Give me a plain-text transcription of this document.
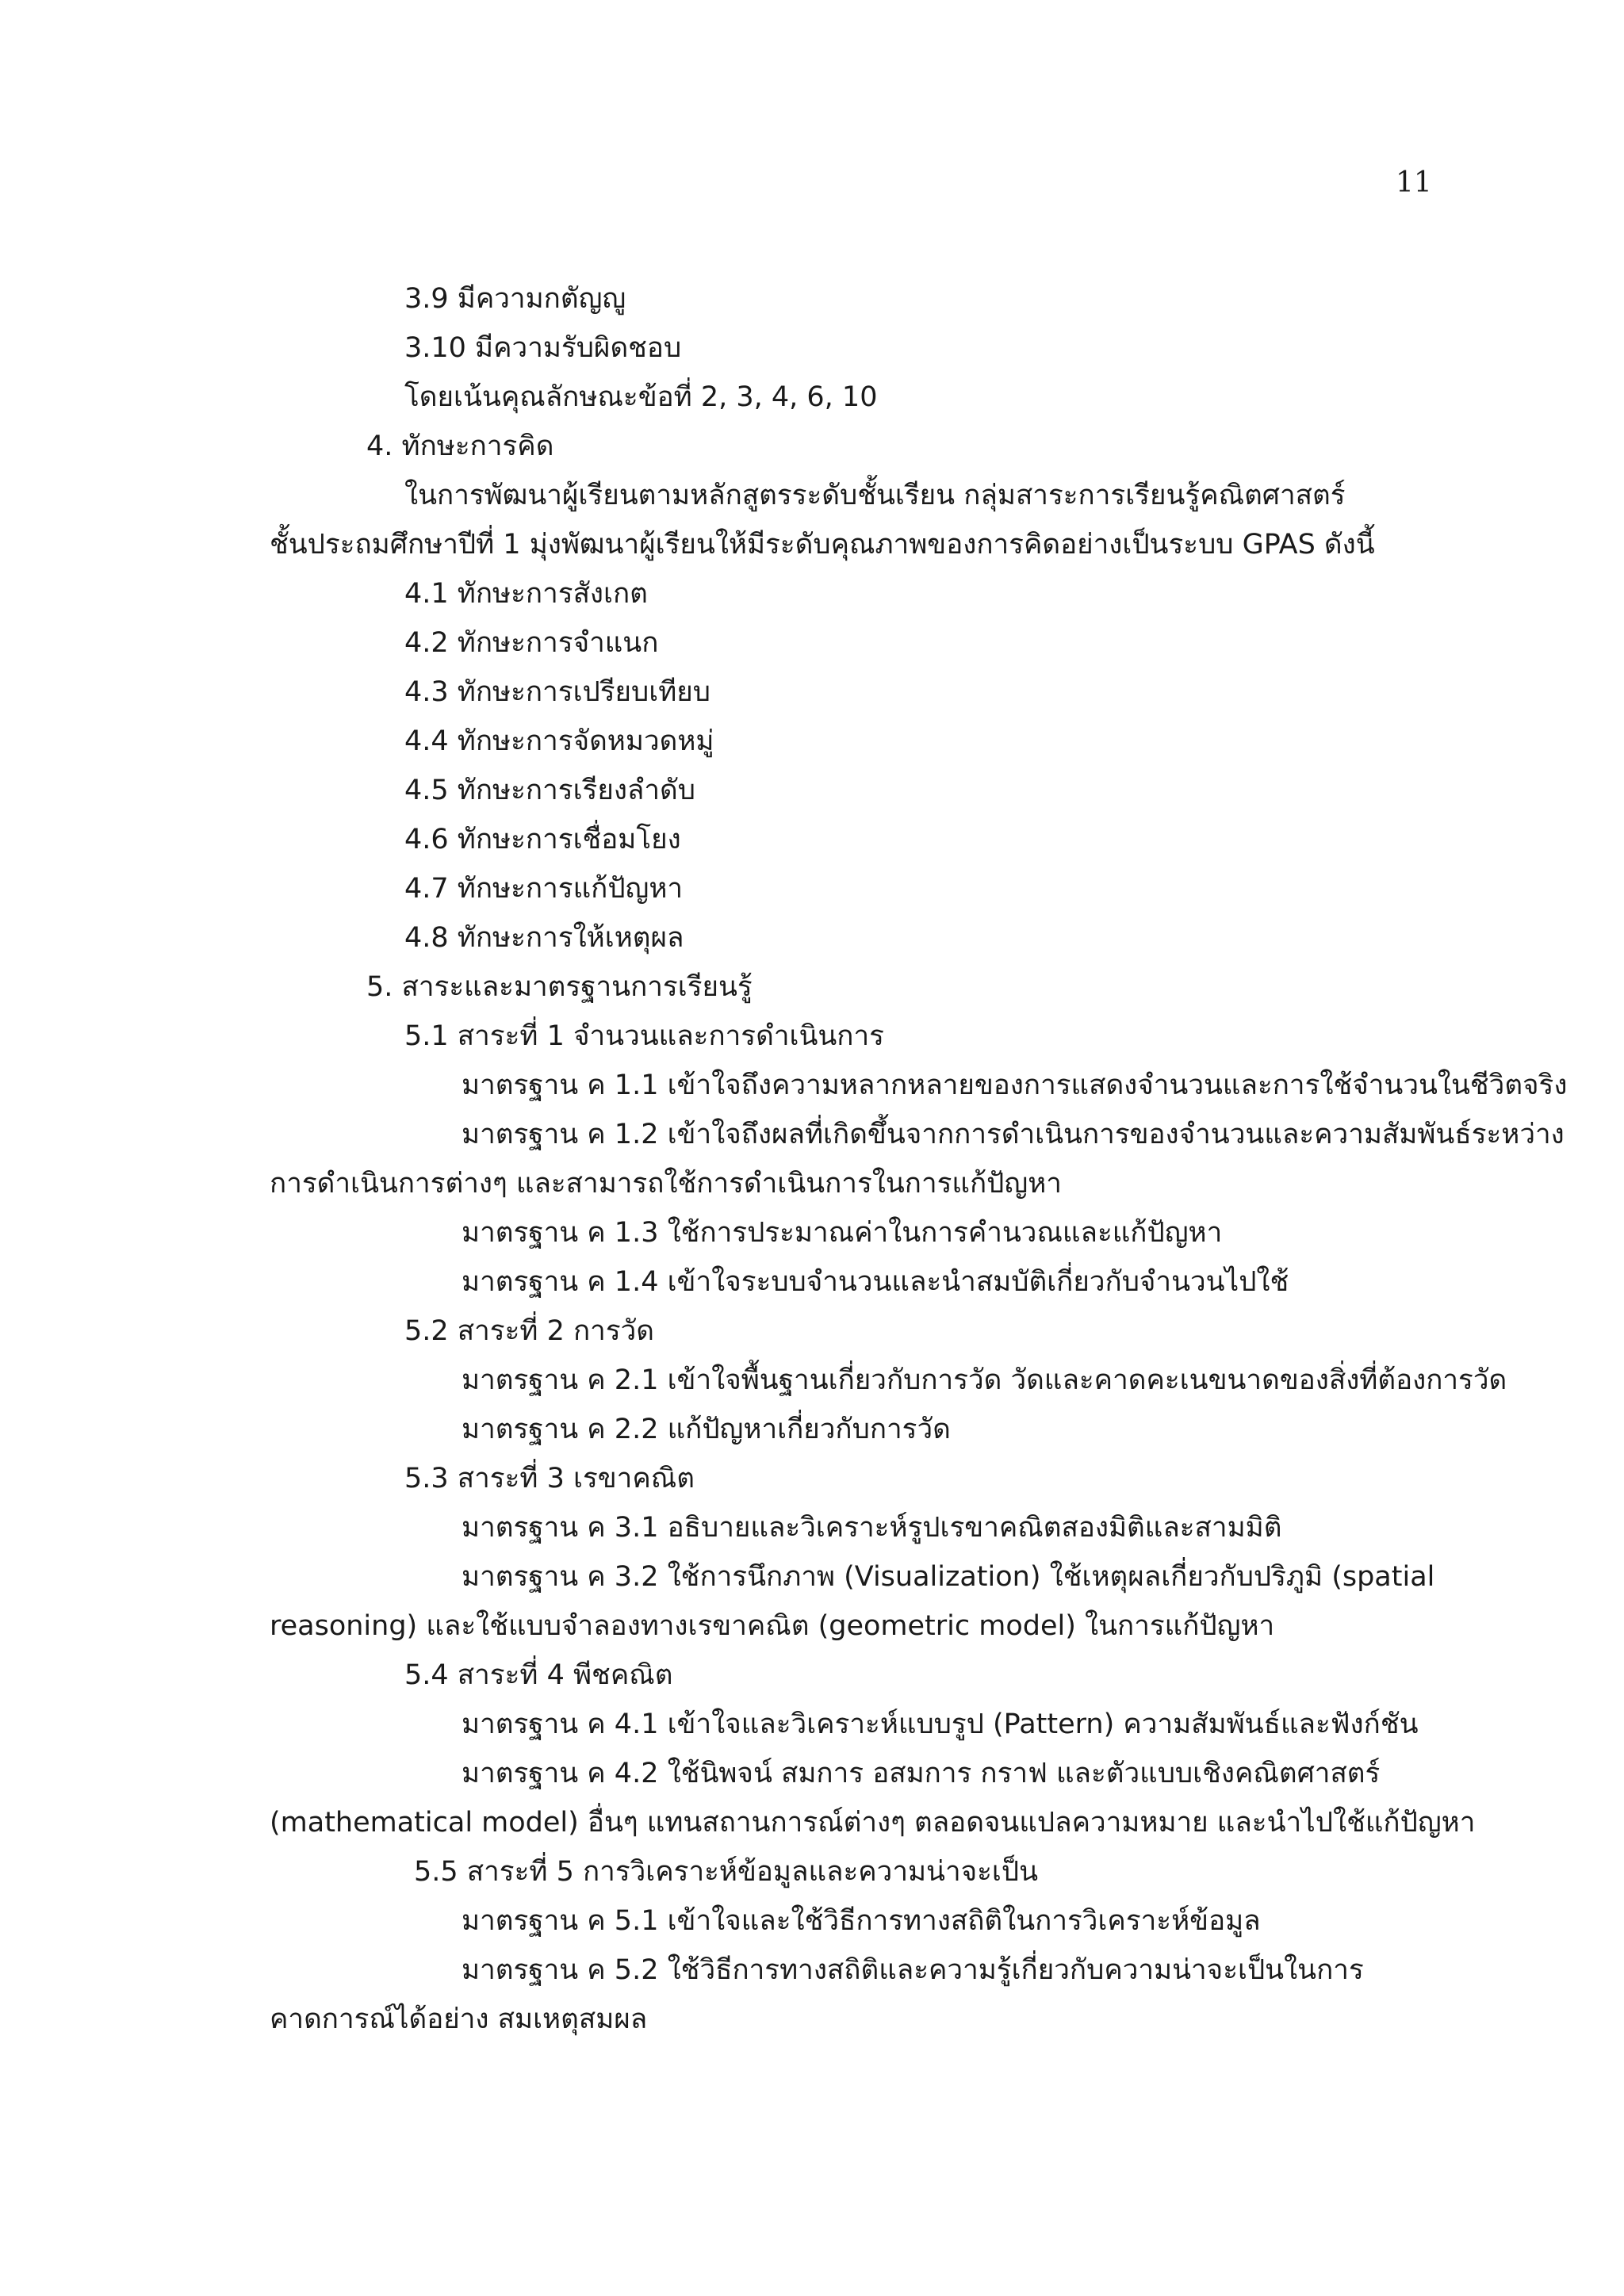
11
3.9 มีความกตัญญู
3.10 มีความรับผิดชอบ
โดยเน้นคุณลักษณะข้อที่ 2, 3, 4, 6, 10
4. ทักษะการคิด
ในการพัฒนาผู้เรียนตามหลักสูตรระดับชั้นเรียน กลุ่มสาระการเรียนรู้คณิตศาสตร์
ชั้นประถมศึกษาปีที่ 1 มุ่งพัฒนาผู้เรียนให้มีระดับคุณภาพของการคิดอย่างเป็นระบบ GPAS ดังนี้
4.1 ทักษะการสังเกต
4.2 ทักษะการจำแนก
4.3 ทักษะการเปรียบเทียบ
4.4 ทักษะการจัดหมวดหมู่
4.5 ทักษะการเรียงลำดับ
4.6 ทักษะการเชื่อมโยง
4.7 ทักษะการแก้ปัญหา
4.8 ทักษะการให้เหตุผล
5. สาระและมาตรฐานการเรียนรู้
5.1 สาระที่ 1 จำนวนและการดำเนินการ
มาตรฐาน ค 1.1 เข้าใจถึงความหลากหลายของการแสดงจำนวนและการใช้จำนวนในชีวิตจริง
มาตรฐาน ค 1.2 เข้าใจถึงผลที่เกิดขึ้นจากการดำเนินการของจำนวนและความสัมพันธ์ระหว่าง
การดำเนินการต่างๆ และสามารถใช้การดำเนินการในการแก้ปัญหา
มาตรฐาน ค 1.3 ใช้การประมาณค่าในการคำนวณและแก้ปัญหา
มาตรฐาน ค 1.4 เข้าใจระบบจำนวนและนำสมบัติเกี่ยวกับจำนวนไปใช้
5.2 สาระที่ 2 การวัด
มาตรฐาน ค 2.1 เข้าใจพื้นฐานเกี่ยวกับการวัด วัดและคาดคะเนขนาดของสิ่งที่ต้องการวัด
มาตรฐาน ค 2.2 แก้ปัญหาเกี่ยวกับการวัด
5.3 สาระที่ 3 เรขาคณิต
มาตรฐาน ค 3.1 อธิบายและวิเคราะห์รูปเรขาคณิตสองมิติและสามมิติ
มาตรฐาน ค 3.2 ใช้การนึกภาพ (Visualization) ใช้เหตุผลเกี่ยวกับปริภูมิ (spatial
reasoning) และใช้แบบจำลองทางเรขาคณิต (geometric model) ในการแก้ปัญหา
5.4 สาระที่ 4 พีชคณิต
มาตรฐาน ค 4.1 เข้าใจและวิเคราะห์แบบรูป (Pattern) ความสัมพันธ์และฟังก์ชัน
มาตรฐาน ค 4.2 ใช้นิพจน์ สมการ อสมการ กราฟ และตัวแบบเชิงคณิตศาสตร์
(mathematical model) อื่นๆ แทนสถานการณ์ต่างๆ ตลอดจนแปลความหมาย และนำไปใช้แก้ปัญหา
5.5 สาระที่ 5 การวิเคราะห์ข้อมูลและความน่าจะเป็น
มาตรฐาน ค 5.1 เข้าใจและใช้วิธีการทางสถิติในการวิเคราะห์ข้อมูล
มาตรฐาน ค 5.2 ใช้วิธีการทางสถิติและความรู้เกี่ยวกับความน่าจะเป็นในการ
คาดการณ์ได้อย่าง สมเหตุสมผล
